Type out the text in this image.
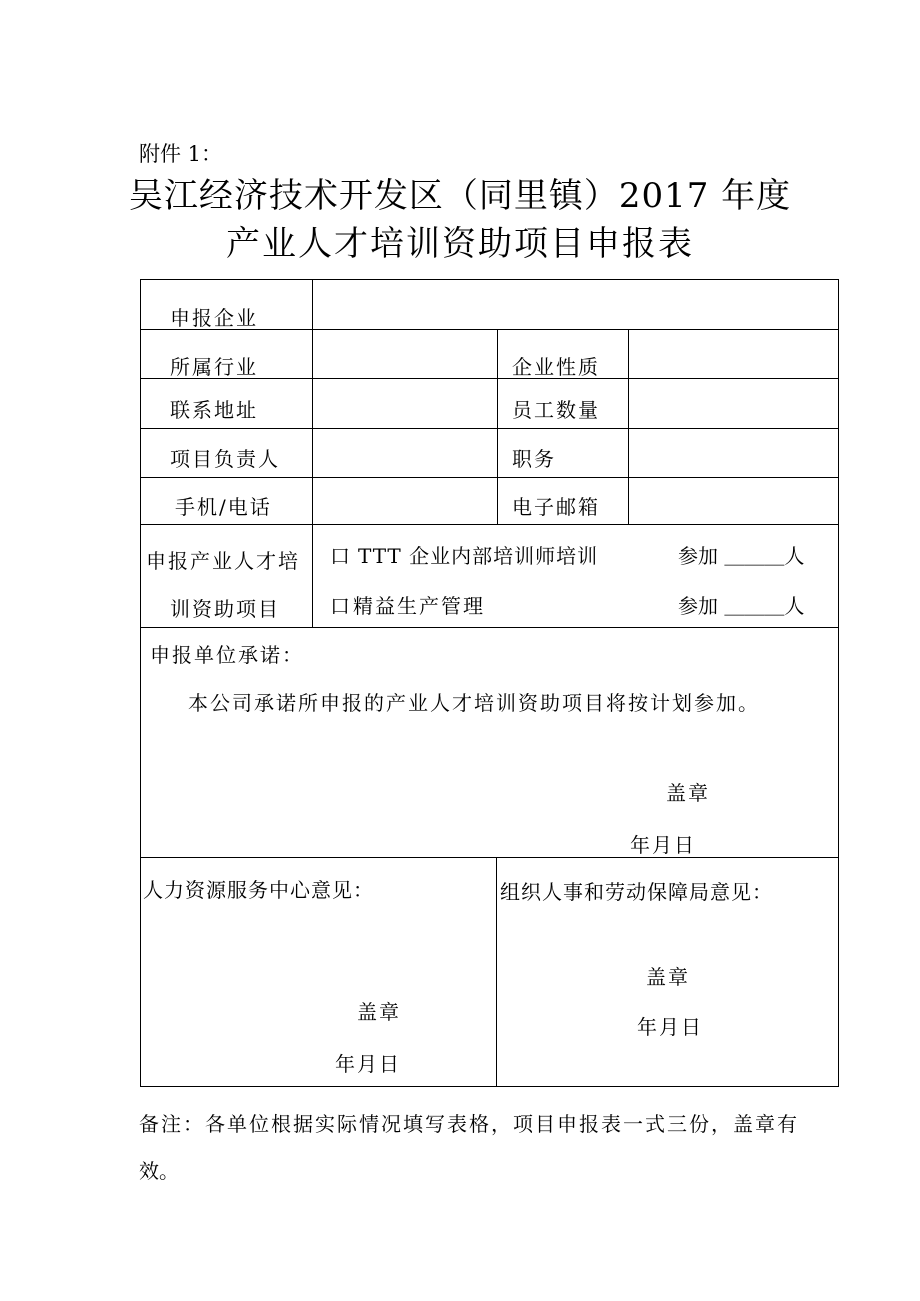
附件 1：
吴江经济技术开发区（同里镇）2017 年度
产业人才培训资助项目申报表
申报企业
所属行业	企业性质
联系地址	员工数量
项目负责人	职务
手机/电话	电子邮箱
申报产业人才培
训资助项目
口 TTT 企业内部培训师培训	参加 ＿＿＿人
口 精益生产管理	参加 ＿＿＿人
申报单位承诺：
本公司承诺所申报的产业人才培训资助项目将按计划参加。
盖章
年月日
人力资源服务中心意见：
盖章
年月日
组织人事和劳动保障局意见：
盖章
年月日
备注：各单位根据实际情况填写表格，项目申报表一式三份，盖章有
效。
